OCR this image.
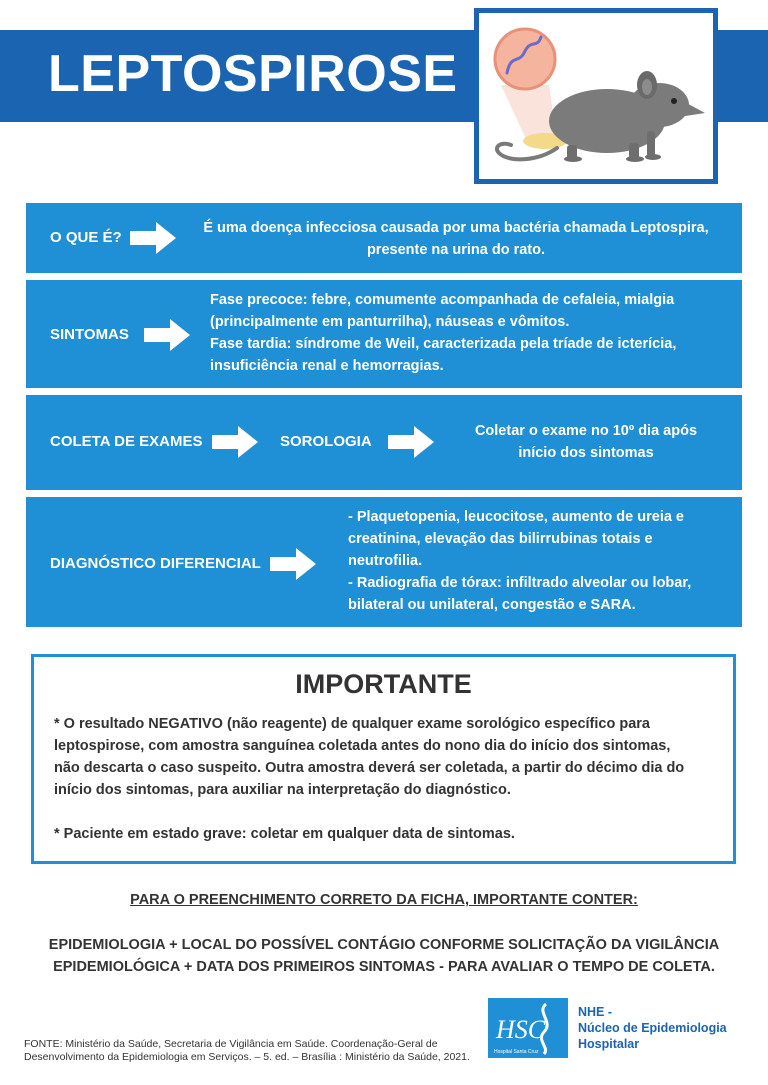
LEPTOSPIROSE
O QUE É?
É uma doença infecciosa causada por uma bactéria chamada Leptospira,
presente na urina do rato.
SINTOMAS
Fase precoce: febre, comumente acompanhada de cefaleia, mialgia
(principalmente em panturrilha), náuseas e vômitos.
Fase tardia: síndrome de Weil, caracterizada pela tríade de icterícia,
insuficiência renal e hemorragias.
COLETA DE EXAMES	SOROLOGIA
Coletar o exame no 10º dia após
início dos sintomas
DIAGNÓSTICO DIFERENCIAL
- Plaquetopenia, leucocitose, aumento de ureia e
creatinina, elevação das bilirrubinas totais e
neutrofilia.
- Radiografia de tórax: infiltrado alveolar ou lobar,
bilateral ou unilateral, congestão e SARA.
IMPORTANTE

* O resultado NEGATIVO (não reagente) de qualquer exame sorológico específico para

leptospirose, com amostra sanguínea coletada antes do nono dia do início dos sintomas,

não descarta o caso suspeito. Outra amostra deverá ser coletada, a partir do décimo dia do

início dos sintomas, para auxiliar na interpretação do diagnóstico.

* Paciente em estado grave: coletar em qualquer data de sintomas.

PARA O PREENCHIMENTO CORRETO DA FICHA, IMPORTANTE CONTER:
EPIDEMIOLOGIA + LOCAL DO POSSÍVEL CONTÁGIO CONFORME SOLICITAÇÃO DA VIGILÂNCIA
EPIDEMIOLÓGICA + DATA DOS PRIMEIROS SINTOMAS - PARA AVALIAR O TEMPO DE COLETA.
FONTE: Ministério da Saúde, Secretaria de Vigilância em Saúde. Coordenação-Geral de
Desenvolvimento da Epidemiologia em Serviços. – 5. ed. – Brasília : Ministério da Saúde, 2021.
HSC
Hospital Santa Cruz
NHE -
Núcleo de Epidemiologia
Hospitalar
